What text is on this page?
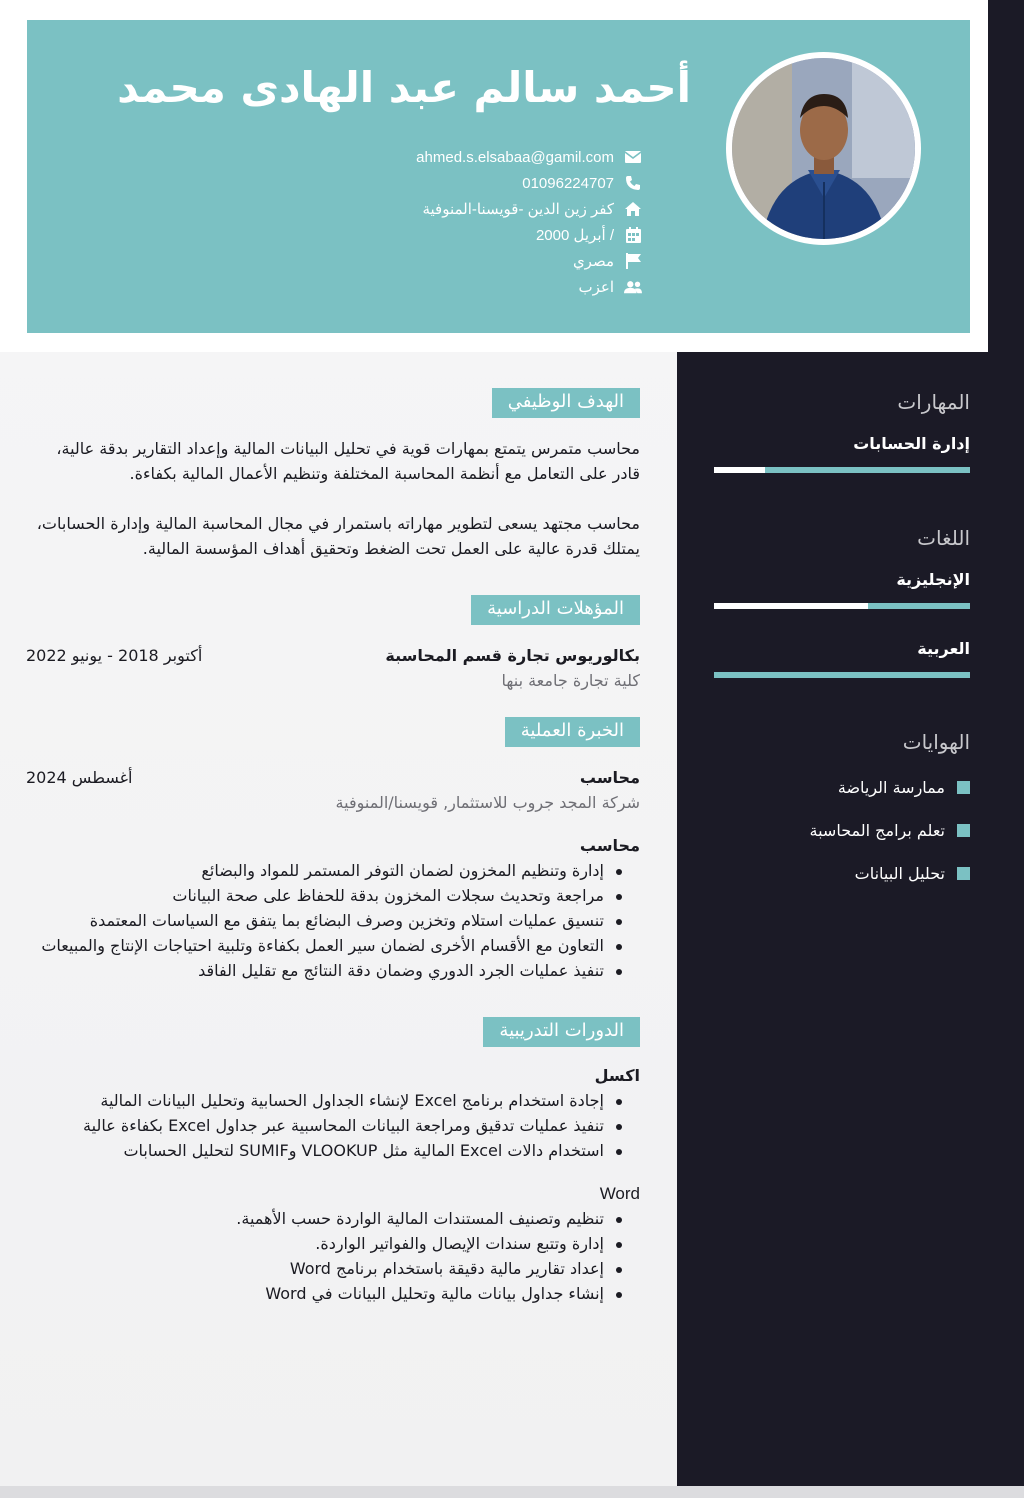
أحمد سالم عبد الهادى محمد
ahmed.s.elsabaa@gamil.com
01096224707
كفر زين الدين -قويسنا-المنوفية
/ أبريل 2000
مصري
اعزب
الهدف الوظيفي

محاسب متمرس يتمتع بمهارات قوية في تحليل البيانات المالية وإعداد التقارير بدقة عالية، قادر على التعامل مع أنظمة المحاسبة المختلفة وتنظيم الأعمال المالية بكفاءة.

محاسب مجتهد يسعى لتطوير مهاراته باستمرار في مجال المحاسبة المالية وإدارة الحسابات، يمتلك قدرة عالية على العمل تحت الضغط وتحقيق أهداف المؤسسة المالية.

المؤهلات الدراسية
بكالوريوس تجارة قسم المحاسبة
كلية تجارة جامعة بنها
أكتوبر 2018 - يونيو 2022
الخبرة العملية
محاسب
شركة المجد جروب للاستثمار, قويسنا/المنوفية
أغسطس 2024
محاسب
إدارة وتنظيم المخزون لضمان التوفر المستمر للمواد والبضائع
مراجعة وتحديث سجلات المخزون بدقة للحفاظ على صحة البيانات
تنسيق عمليات استلام وتخزين وصرف البضائع بما يتفق مع السياسات المعتمدة
التعاون مع الأقسام الأخرى لضمان سير العمل بكفاءة وتلبية احتياجات الإنتاج والمبيعات
تنفيذ عمليات الجرد الدوري وضمان دقة النتائج مع تقليل الفاقد
الدورات التدريبية
اكسل
إجادة استخدام برنامج Excel لإنشاء الجداول الحسابية وتحليل البيانات المالية
تنفيذ عمليات تدقيق ومراجعة البيانات المحاسبية عبر جداول Excel بكفاءة عالية
استخدام دالات Excel المالية مثل VLOOKUP وSUMIF لتحليل الحسابات
Word
تنظيم وتصنيف المستندات المالية الواردة حسب الأهمية.
إدارة وتتبع سندات الإيصال والفواتير الواردة.
إعداد تقارير مالية دقيقة باستخدام برنامج Word
إنشاء جداول بيانات مالية وتحليل البيانات في Word
المهارات
إدارة الحسابات
اللغات
الإنجليزية
العربية
الهوايات
ممارسة الرياضة
تعلم برامج المحاسبة
تحليل البيانات
